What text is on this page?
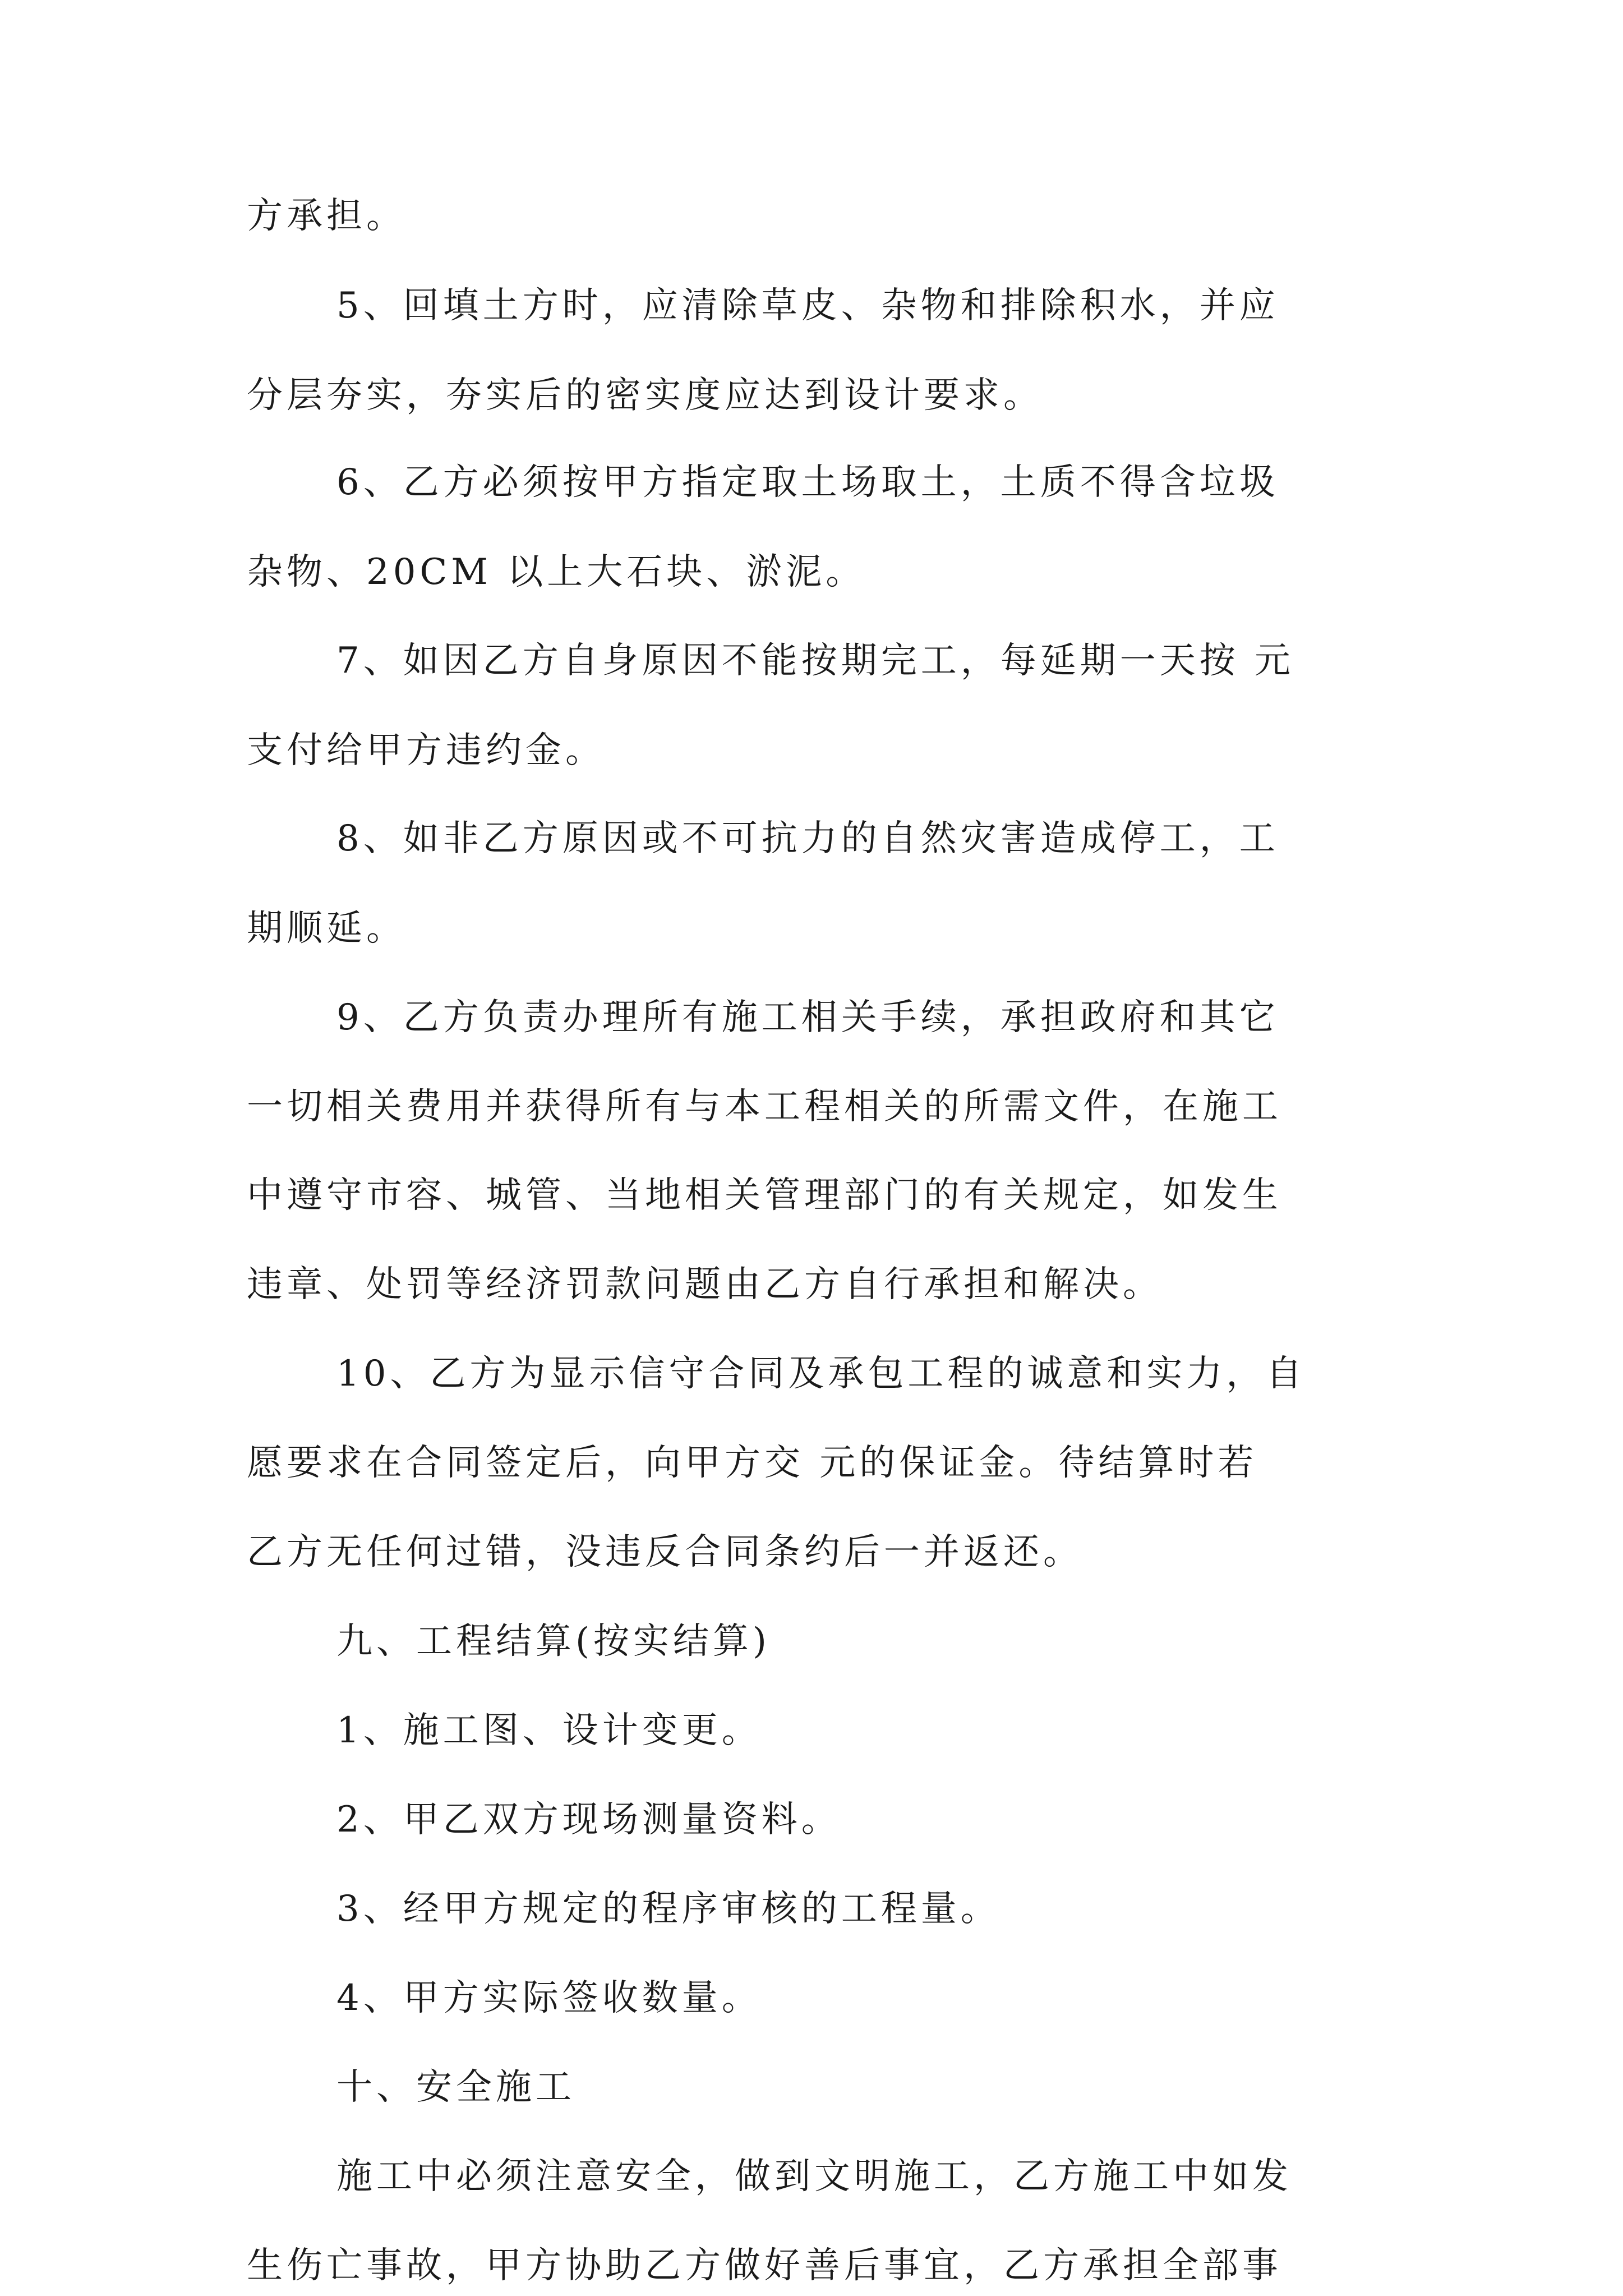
方承担。
5、回填土方时，应清除草皮、杂物和排除积水，并应
分层夯实，夯实后的密实度应达到设计要求。
6、乙方必须按甲方指定取土场取土，土质不得含垃圾
杂物、20CM 以上大石块、淤泥。
7、如因乙方自身原因不能按期完工，每延期一天按 元
支付给甲方违约金。
8、如非乙方原因或不可抗力的自然灾害造成停工，工
期顺延。
9、乙方负责办理所有施工相关手续，承担政府和其它
一切相关费用并获得所有与本工程相关的所需文件，在施工
中遵守市容、城管、当地相关管理部门的有关规定，如发生
违章、处罚等经济罚款问题由乙方自行承担和解决。
10、乙方为显示信守合同及承包工程的诚意和实力，自
愿要求在合同签定后，向甲方交 元的保证金。待结算时若
乙方无任何过错，没违反合同条约后一并返还。
九、工程结算(按实结算)
1、施工图、设计变更。
2、甲乙双方现场测量资料。
3、经甲方规定的程序审核的工程量。
4、甲方实际签收数量。
十、安全施工
施工中必须注意安全，做到文明施工，乙方施工中如发
生伤亡事故，甲方协助乙方做好善后事宜，乙方承担全部事
